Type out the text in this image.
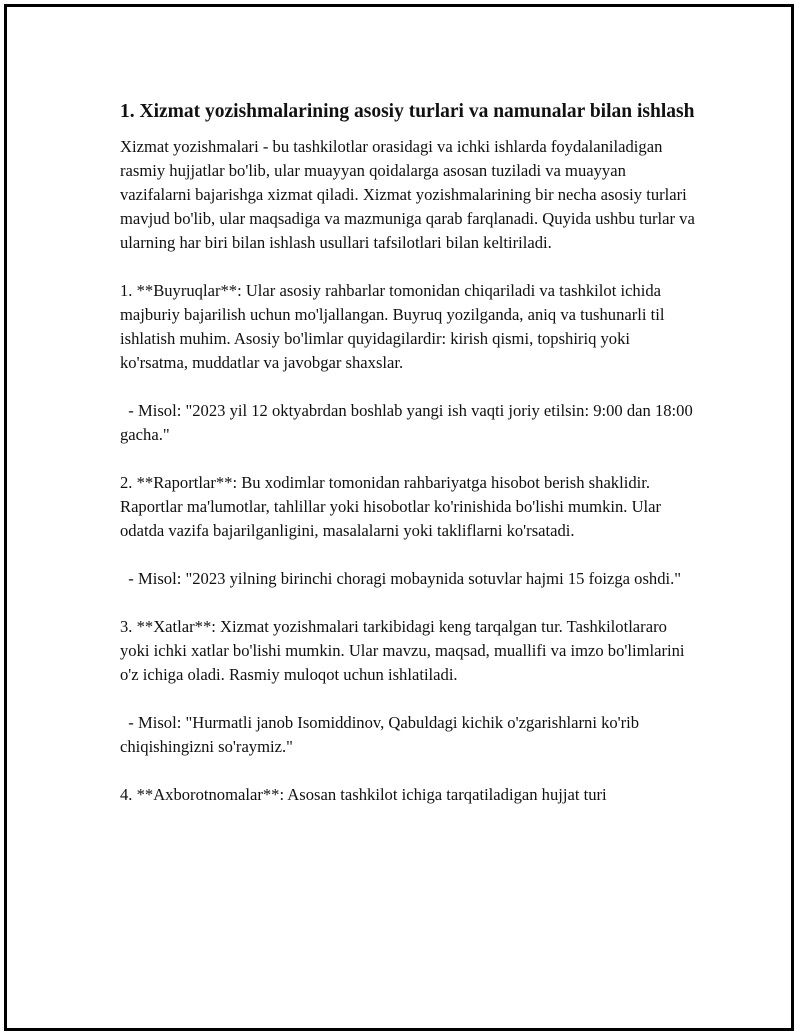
1. Xizmat yozishmalarining asosiy turlari va namunalar bilan ishlash

Xizmat yozishmalari - bu tashkilotlar orasidagi va ichki ishlarda foydalaniladigan rasmiy hujjatlar bo'lib, ular muayyan qoidalarga asosan tuziladi va muayyan vazifalarni bajarishga xizmat qiladi. Xizmat yozishmalarining bir necha asosiy turlari mavjud bo'lib, ular maqsadiga va mazmuniga qarab farqlanadi. Quyida ushbu turlar va ularning har biri bilan ishlash usullari tafsilotlari bilan keltiriladi.

1. **Buyruqlar**: Ular asosiy rahbarlar tomonidan chiqariladi va tashkilot ichida majburiy bajarilish uchun mo'ljallangan. Buyruq yozilganda, aniq va tushunarli til ishlatish muhim. Asosiy bo'limlar quyidagilardir: kirish qismi, topshiriq yoki ko'rsatma, muddatlar va javobgar shaxslar.

- Misol: "2023 yil 12 oktyabrdan boshlab yangi ish vaqti joriy etilsin: 9:00 dan 18:00 gacha."

2. **Raportlar**: Bu xodimlar tomonidan rahbariyatga hisobot berish shaklidir. Raportlar ma'lumotlar, tahlillar yoki hisobotlar ko'rinishida bo'lishi mumkin. Ular odatda vazifa bajarilganligini, masalalarni yoki takliflarni ko'rsatadi.

- Misol: "2023 yilning birinchi choragi mobaynida sotuvlar hajmi 15 foizga oshdi."

3. **Xatlar**: Xizmat yozishmalari tarkibidagi keng tarqalgan tur. Tashkilotlararo yoki ichki xatlar bo'lishi mumkin. Ular mavzu, maqsad, muallifi va imzo bo'limlarini o'z ichiga oladi. Rasmiy muloqot uchun ishlatiladi.

- Misol: "Hurmatli janob Isomiddinov, Qabuldagi kichik o'zgarishlarni ko'rib chiqishingizni so'raymiz."

4. **Axborotnomalar**: Asosan tashkilot ichiga tarqatiladigan hujjat turi
